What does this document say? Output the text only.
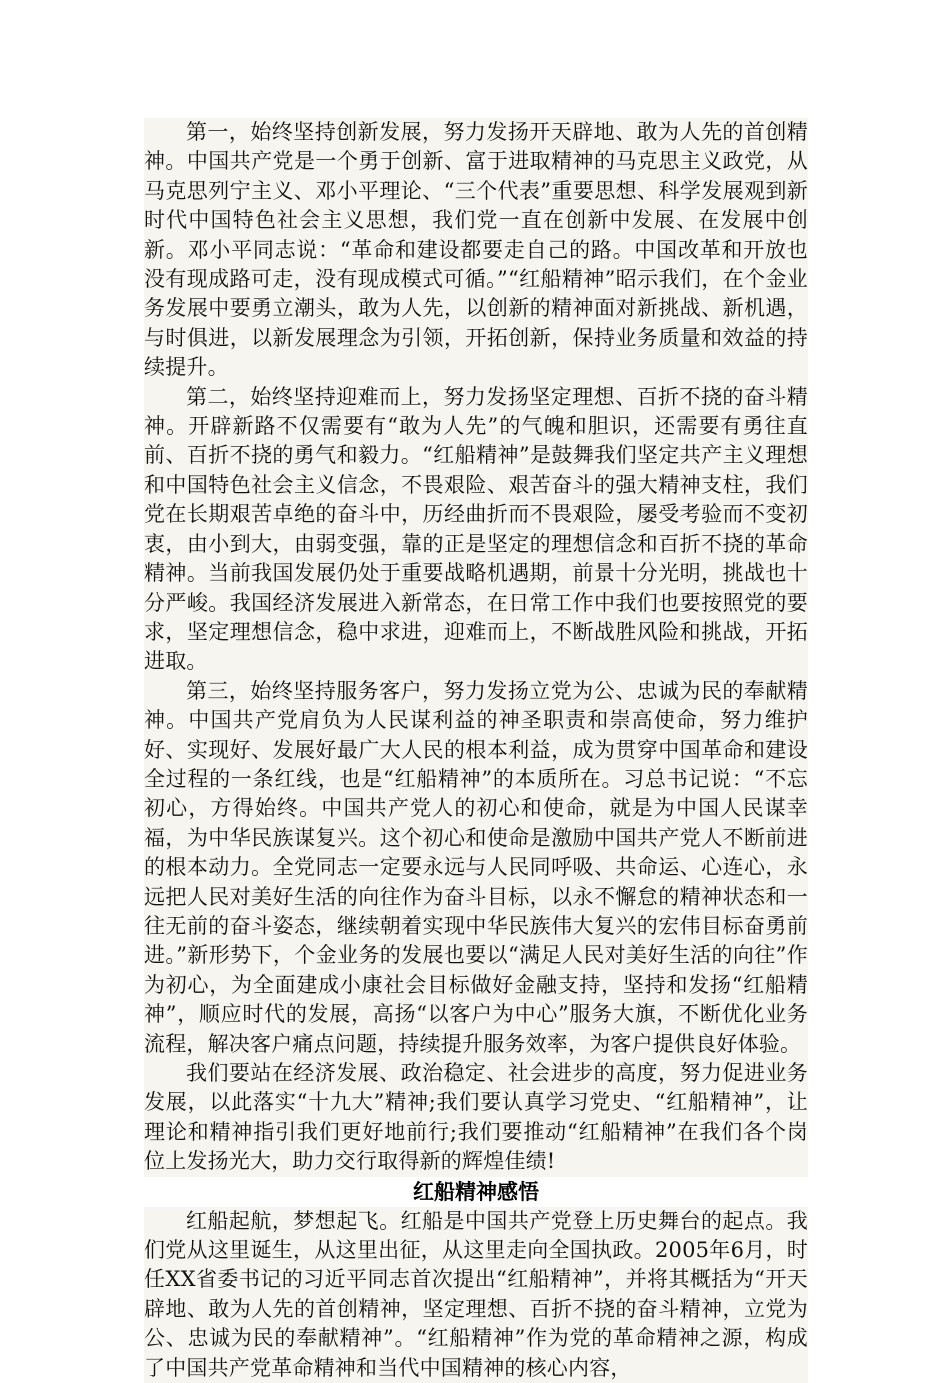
第一，始终坚持创新发展，努力发扬开天辟地、敢为人先的首创精神。中国共产党是一个勇于创新、富于进取精神的马克思主义政党，从马克思列宁主义、邓小平理论、“三个代表”重要思想、科学发展观到新时代中国特色社会主义思想，我们党一直在创新中发展、在发展中创新。邓小平同志说：“革命和建设都要走自己的路。中国改革和开放也没有现成路可走，没有现成模式可循。”“红船精神”昭示我们，在个金业务发展中要勇立潮头，敢为人先，以创新的精神面对新挑战、新机遇，与时俱进，以新发展理念为引领，开拓创新，保持业务质量和效益的持续提升。

第二，始终坚持迎难而上，努力发扬坚定理想、百折不挠的奋斗精神。开辟新路不仅需要有“敢为人先”的气魄和胆识，还需要有勇往直前、百折不挠的勇气和毅力。“红船精神”是鼓舞我们坚定共产主义理想和中国特色社会主义信念，不畏艰险、艰苦奋斗的强大精神支柱，我们党在长期艰苦卓绝的奋斗中，历经曲折而不畏艰险，屡受考验而不变初衷，由小到大，由弱变强，靠的正是坚定的理想信念和百折不挠的革命精神。当前我国发展仍处于重要战略机遇期，前景十分光明，挑战也十分严峻。我国经济发展进入新常态，在日常工作中我们也要按照党的要求，坚定理想信念，稳中求进，迎难而上，不断战胜风险和挑战，开拓进取。

第三，始终坚持服务客户，努力发扬立党为公、忠诚为民的奉献精神。中国共产党肩负为人民谋利益的神圣职责和崇高使命，努力维护好、实现好、发展好最广大人民的根本利益，成为贯穿中国革命和建设全过程的一条红线，也是“红船精神”的本质所在。习总书记说：“不忘初心，方得始终。中国共产党人的初心和使命，就是为中国人民谋幸福，为中华民族谋复兴。这个初心和使命是激励中国共产党人不断前进的根本动力。全党同志一定要永远与人民同呼吸、共命运、心连心，永远把人民对美好生活的向往作为奋斗目标，以永不懈怠的精神状态和一往无前的奋斗姿态，继续朝着实现中华民族伟大复兴的宏伟目标奋勇前进。”新形势下，个金业务的发展也要以“满足人民对美好生活的向往”作为初心，为全面建成小康社会目标做好金融支持，坚持和发扬“红船精神”，顺应时代的发展，高扬“以客户为中心”服务大旗，不断优化业务流程，解决客户痛点问题，持续提升服务效率，为客户提供良好体验。

我们要站在经济发展、政治稳定、社会进步的高度，努力促进业务发展，以此落实“十九大”精神;我们要认真学习党史、“红船精神”，让理论和精神指引我们更好地前行;我们要推动“红船精神”在我们各个岗位上发扬光大，助力交行取得新的辉煌佳绩!

红船精神感悟

红船起航，梦想起飞。红船是中国共产党登上历史舞台的起点。我们党从这里诞生，从这里出征，从这里走向全国执政。2005年6月，时任XX省委书记的习近平同志首次提出“红船精神”，并将其概括为“开天辟地、敢为人先的首创精神，坚定理想、百折不挠的奋斗精神，立党为公、忠诚为民的奉献精神”。“红船精神”作为党的革命精神之源，构成了中国共产党革命精神和当代中国精神的核心内容，
